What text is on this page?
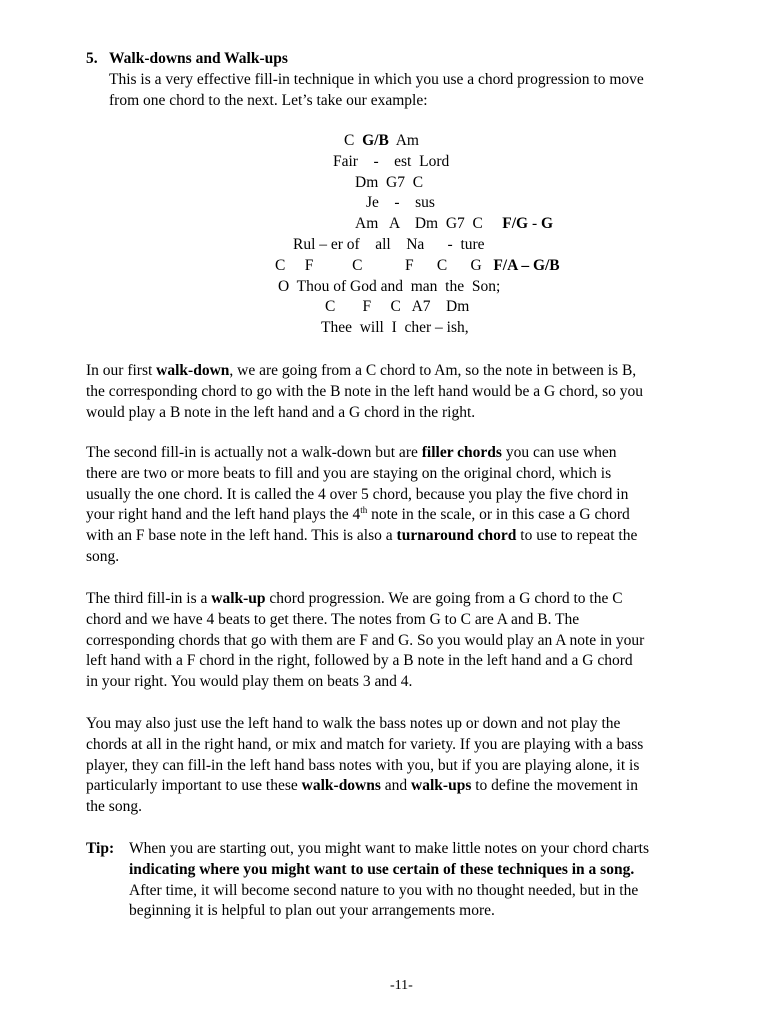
5. Walk-downs and Walk-ups
This is a very effective fill-in technique in which you use a chord progression to move
from one chord to the next. Let’s take our example:
C  G/B  Am
Fair    -    est  Lord
Dm  G7  C
Je    -    sus
Am   A    Dm  G7  C     F/G - G
Rul – er of    all    Na      -  ture
C     F          C           F      C      G   F/A – G/B
O  Thou of God and  man  the  Son;
C       F     C   A7    Dm
Thee  will  I  cher – ish,
In our first walk-down, we are going from a C chord to Am, so the note in between is B,
the corresponding chord to go with the B note in the left hand would be a G chord, so you
would play a B note in the left hand and a G chord in the right.
The second fill-in is actually not a walk-down but are filler chords you can use when
there are two or more beats to fill and you are staying on the original chord, which is
usually the one chord. It is called the 4 over 5 chord, because you play the five chord in
your right hand and the left hand plays the 4th note in the scale, or in this case a G chord
with an F base note in the left hand. This is also a turnaround chord to use to repeat the
song.
The third fill-in is a walk-up chord progression. We are going from a G chord to the C
chord and we have 4 beats to get there. The notes from G to C are A and B. The
corresponding chords that go with them are F and G. So you would play an A note in your
left hand with a F chord in the right, followed by a B note in the left hand and a G chord
in your right. You would play them on beats 3 and 4.
You may also just use the left hand to walk the bass notes up or down and not play the
chords at all in the right hand, or mix and match for variety. If you are playing with a bass
player, they can fill-in the left hand bass notes with you, but if you are playing alone, it is
particularly important to use these walk-downs and walk-ups to define the movement in
the song.
Tip: When you are starting out, you might want to make little notes on your chord charts
indicating where you might want to use certain of these techniques in a song.
After time, it will become second nature to you with no thought needed, but in the
beginning it is helpful to plan out your arrangements more.
-11-
